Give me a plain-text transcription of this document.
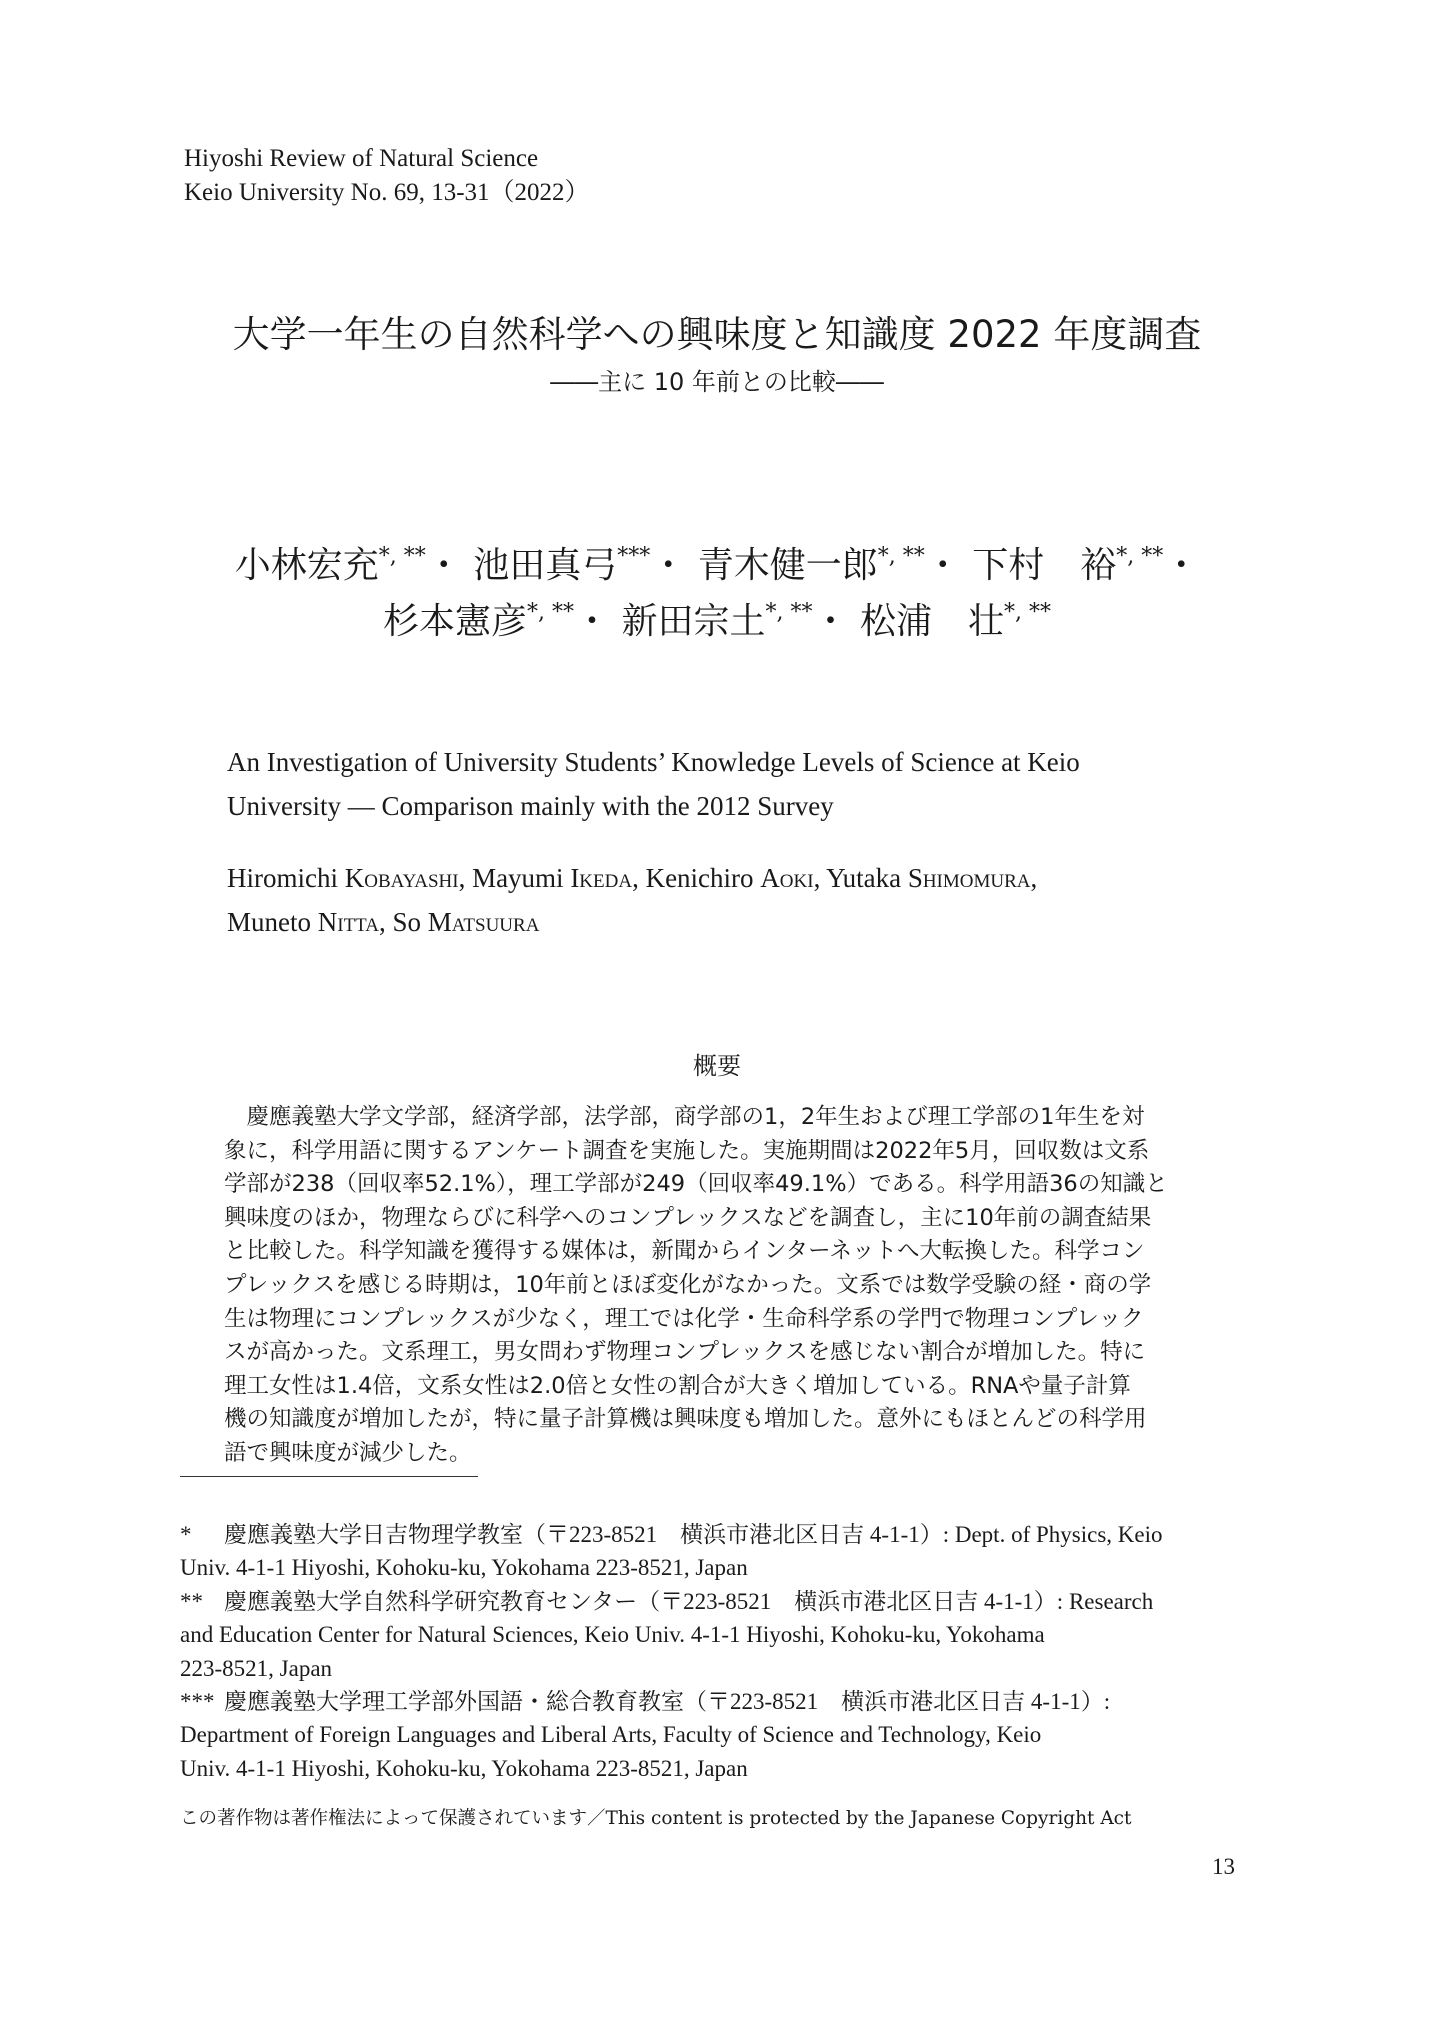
Hiyoshi Review of Natural Science
Keio University No. 69, 13-31（2022）
大学一年生の自然科学への興味度と知識度 2022 年度調査
――主に 10 年前との比較――
小林宏充*, **・ 池田真弓***・ 青木健一郎*, **・ 下村　裕*, **・
杉本憲彦*, **・ 新田宗土*, **・ 松浦　壮*, **
An Investigation of University Students’ Knowledge Levels of Science at Keio
University — Comparison mainly with the 2012 Survey
Hiromichi Kobayashi, Mayumi Ikeda, Kenichiro Aoki, Yutaka Shimomura,
Muneto Nitta, So Matsuura
概要
　慶應義塾大学文学部，経済学部，法学部，商学部の1，2年生および理工学部の1年生を対
象に，科学用語に関するアンケート調査を実施した。実施期間は2022年5月，回収数は文系
学部が238（回収率52.1%），理工学部が249（回収率49.1%）である。科学用語36の知識と
興味度のほか，物理ならびに科学へのコンプレックスなどを調査し，主に10年前の調査結果
と比較した。科学知識を獲得する媒体は，新聞からインターネットへ大転換した。科学コン
プレックスを感じる時期は，10年前とほぼ変化がなかった。文系では数学受験の経・商の学
生は物理にコンプレックスが少なく，理工では化学・生命科学系の学門で物理コンプレック
スが高かった。文系理工，男女問わず物理コンプレックスを感じない割合が増加した。特に
理工女性は1.4倍，文系女性は2.0倍と女性の割合が大きく増加している。RNAや量子計算
機の知識度が増加したが，特に量子計算機は興味度も増加した。意外にもほとんどの科学用
語で興味度が減少した。
* 慶應義塾大学日吉物理学教室（〒223-8521　横浜市港北区日吉 4-1-1）: Dept. of Physics, Keio
Univ. 4-1-1 Hiyoshi, Kohoku-ku, Yokohama 223-8521, Japan
** 慶應義塾大学自然科学研究教育センター（〒223-8521　横浜市港北区日吉 4-1-1）: Research
and Education Center for Natural Sciences, Keio Univ. 4-1-1 Hiyoshi, Kohoku-ku, Yokohama
223-8521, Japan
*** 慶應義塾大学理工学部外国語・総合教育教室（〒223-8521　横浜市港北区日吉 4-1-1）:
Department of Foreign Languages and Liberal Arts, Faculty of Science and Technology, Keio
Univ. 4-1-1 Hiyoshi, Kohoku-ku, Yokohama 223-8521, Japan
この著作物は著作権法によって保護されています／This content is protected by the Japanese Copyright Act
13
